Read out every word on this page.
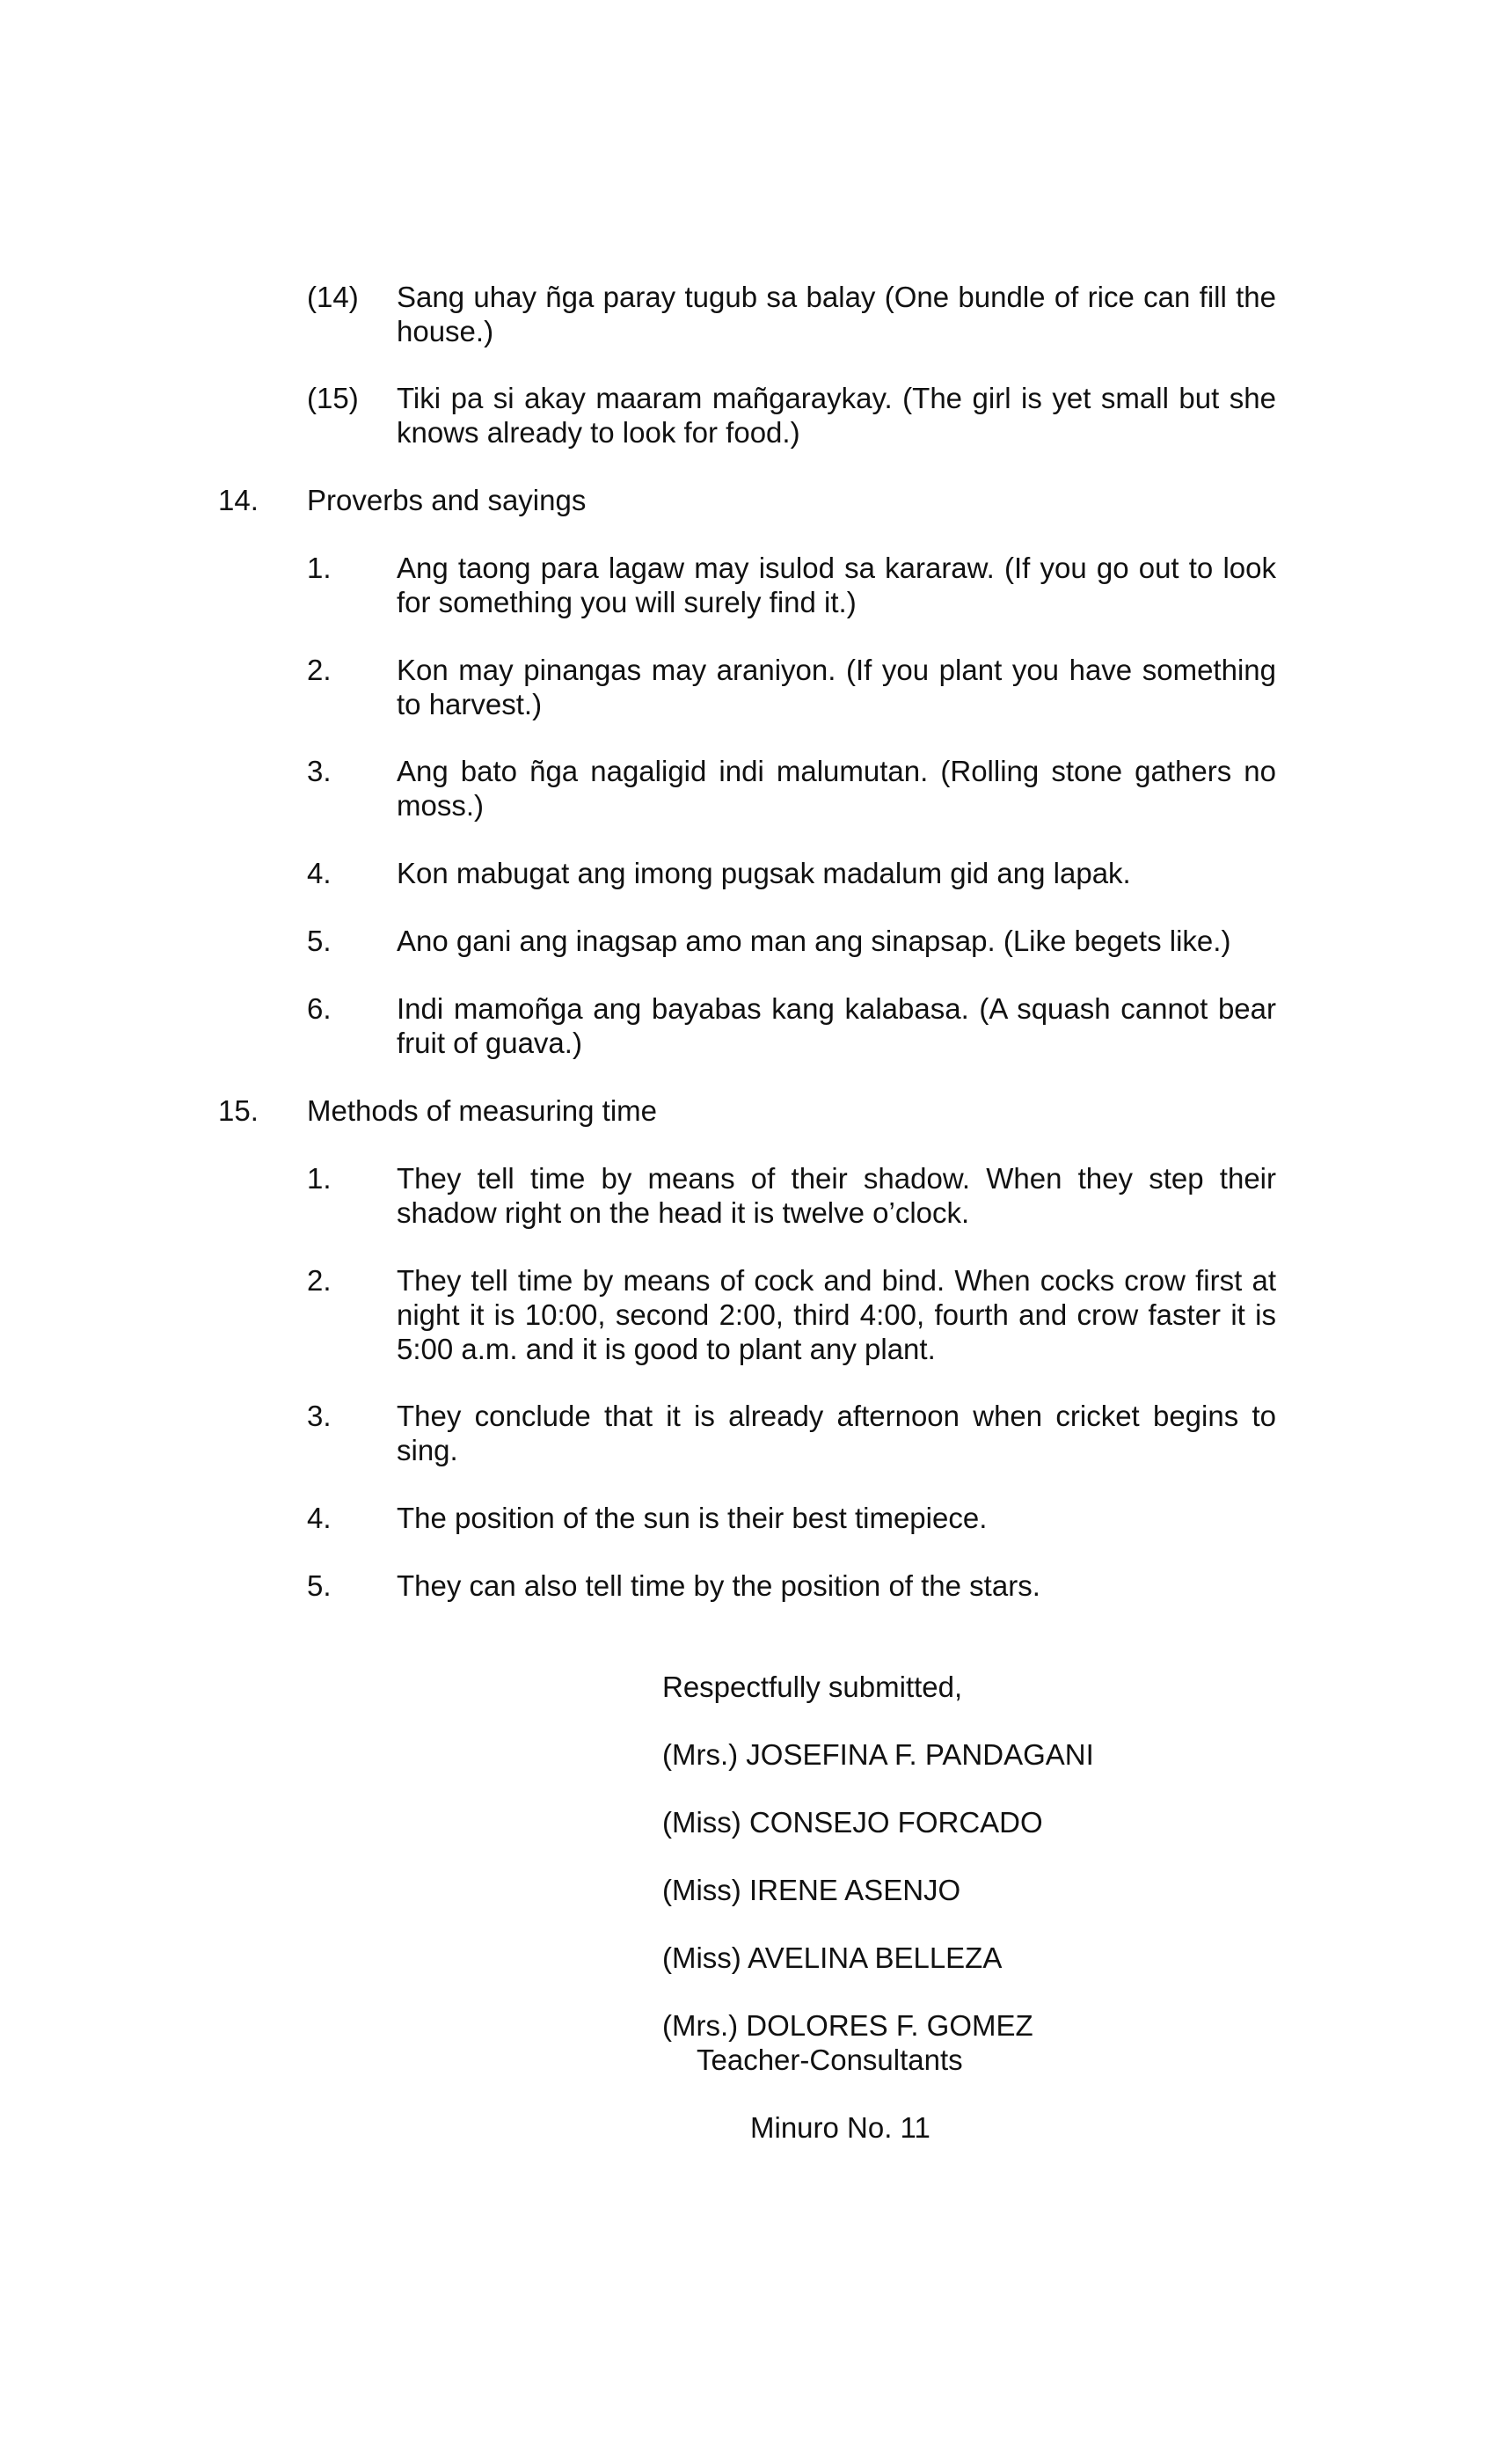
(14) Sang uhay ñga paray tugub sa balay (One bundle of rice can fill the house.)
(15) Tiki pa si akay maaram mañgaraykay. (The girl is yet small but she knows already to look for food.)
14. Proverbs and sayings
1. Ang taong para lagaw may isulod sa kararaw. (If you go out to look for something you will surely find it.)
2. Kon may pinangas may araniyon. (If you plant you have something to harvest.)
3. Ang bato ñga nagaligid indi malumutan. (Rolling stone gathers no moss.)
4. Kon mabugat ang imong pugsak madalum gid ang lapak.
5. Ano gani ang inagsap amo man ang sinapsap. (Like begets like.)
6. Indi mamoñga ang bayabas kang kalabasa. (A squash cannot bear fruit of guava.)
15. Methods of measuring time
1. They tell time by means of their shadow. When they step their shadow right on the head it is twelve o’clock.
2. They tell time by means of cock and bind. When cocks crow first at night it is 10:00, second 2:00, third 4:00, fourth and crow faster it is 5:00 a.m. and it is good to plant any plant.
3. They conclude that it is already afternoon when cricket begins to sing.
4. The position of the sun is their best timepiece.
5. They can also tell time by the position of the stars.
Respectfully submitted,
(Mrs.) JOSEFINA F. PANDAGANI
(Miss) CONSEJO FORCADO
(Miss) IRENE ASENJO
(Miss) AVELINA BELLEZA
(Mrs.) DOLORES F. GOMEZ
Teacher-Consultants
Minuro No. 11
